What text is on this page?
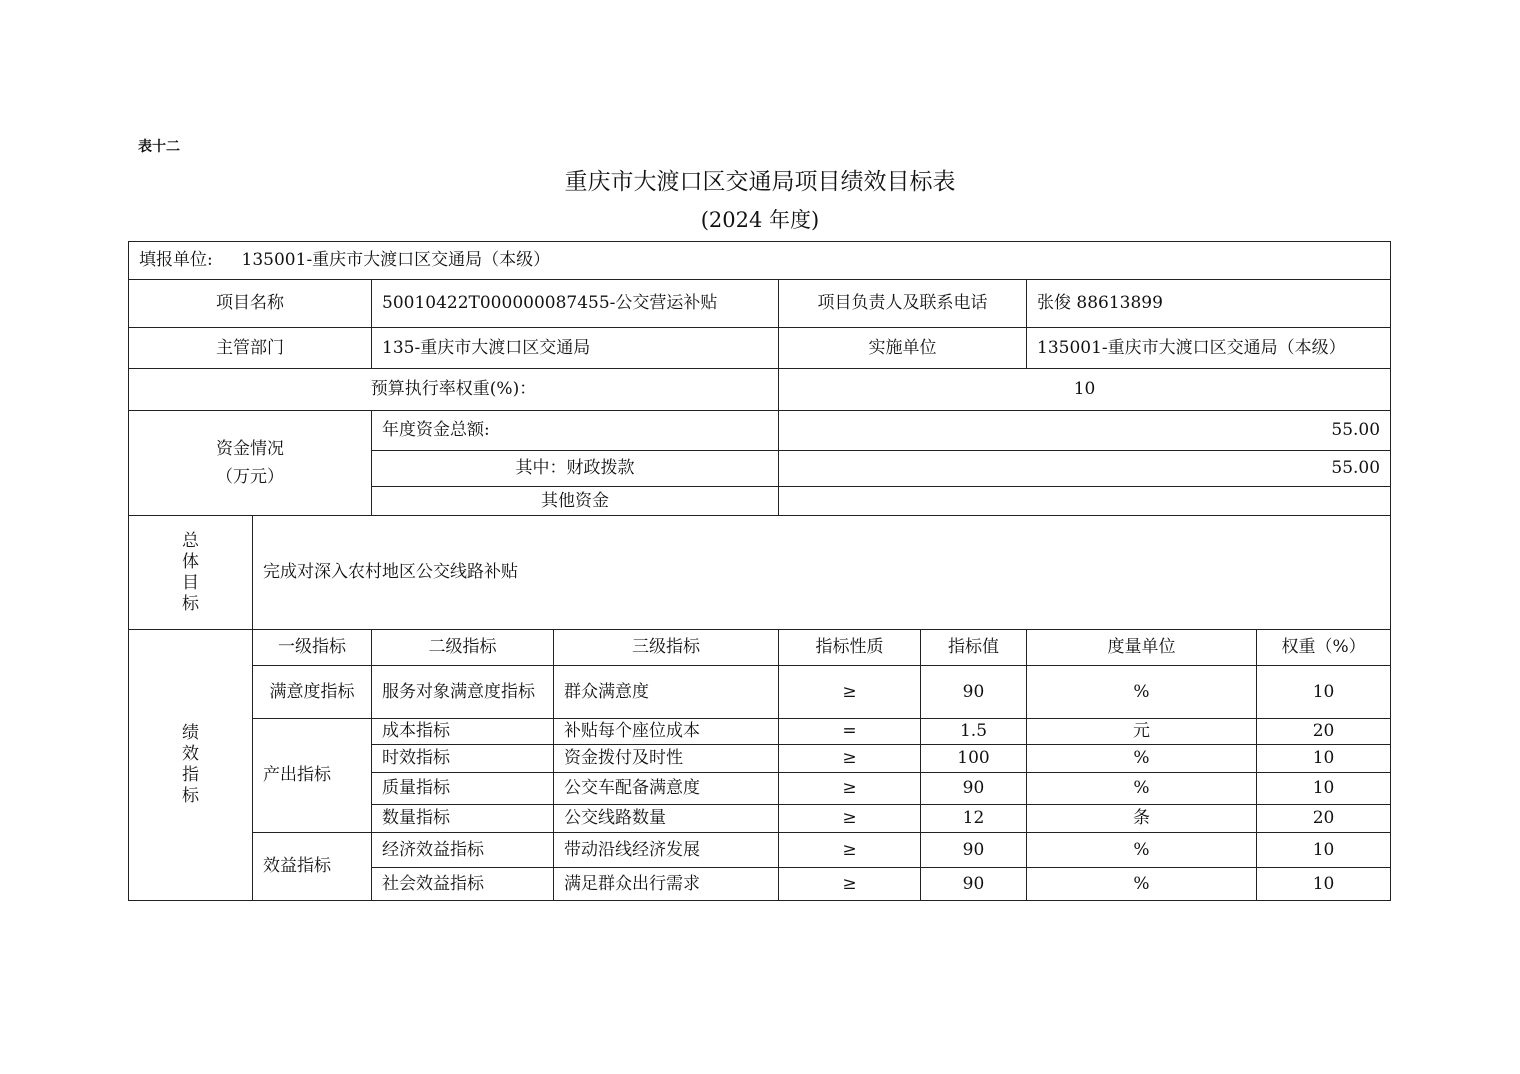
表十二
重庆市大渡口区交通局项目绩效目标表
(2024 年度)
填报单位: 135001-重庆市大渡口区交通局（本级）							
项目名称		50010422T000000087455-公交营运补贴		项目负责人及联系电话		张俊 88613899	
主管部门		135-重庆市大渡口区交通局		实施单位		135001-重庆市大渡口区交通局（本级）	
预算执行率权重(%)：				10			

资金情况
（万元）		年度资金总额:		55.00			
		其中：财政拨款		55.00			
		其他资金					

总
体
目
标	完成对深入农村地区公交线路补贴						

绩
效
指
标	一级指标	二级指标	三级指标	指标性质	指标值	度量单位	权重（%）
	满意度指标	服务对象满意度指标	群众满意度	≥	90	%	10
	产出指标	成本指标	补贴每个座位成本	=	1.5	元	20
		时效指标	资金拨付及时性	≥	100	%	10
		质量指标	公交车配备满意度	≥	90	%	10
		数量指标	公交线路数量	≥	12	条	20
	效益指标	经济效益指标	带动沿线经济发展	≥	90	%	10
		社会效益指标	满足群众出行需求	≥	90	%	10
